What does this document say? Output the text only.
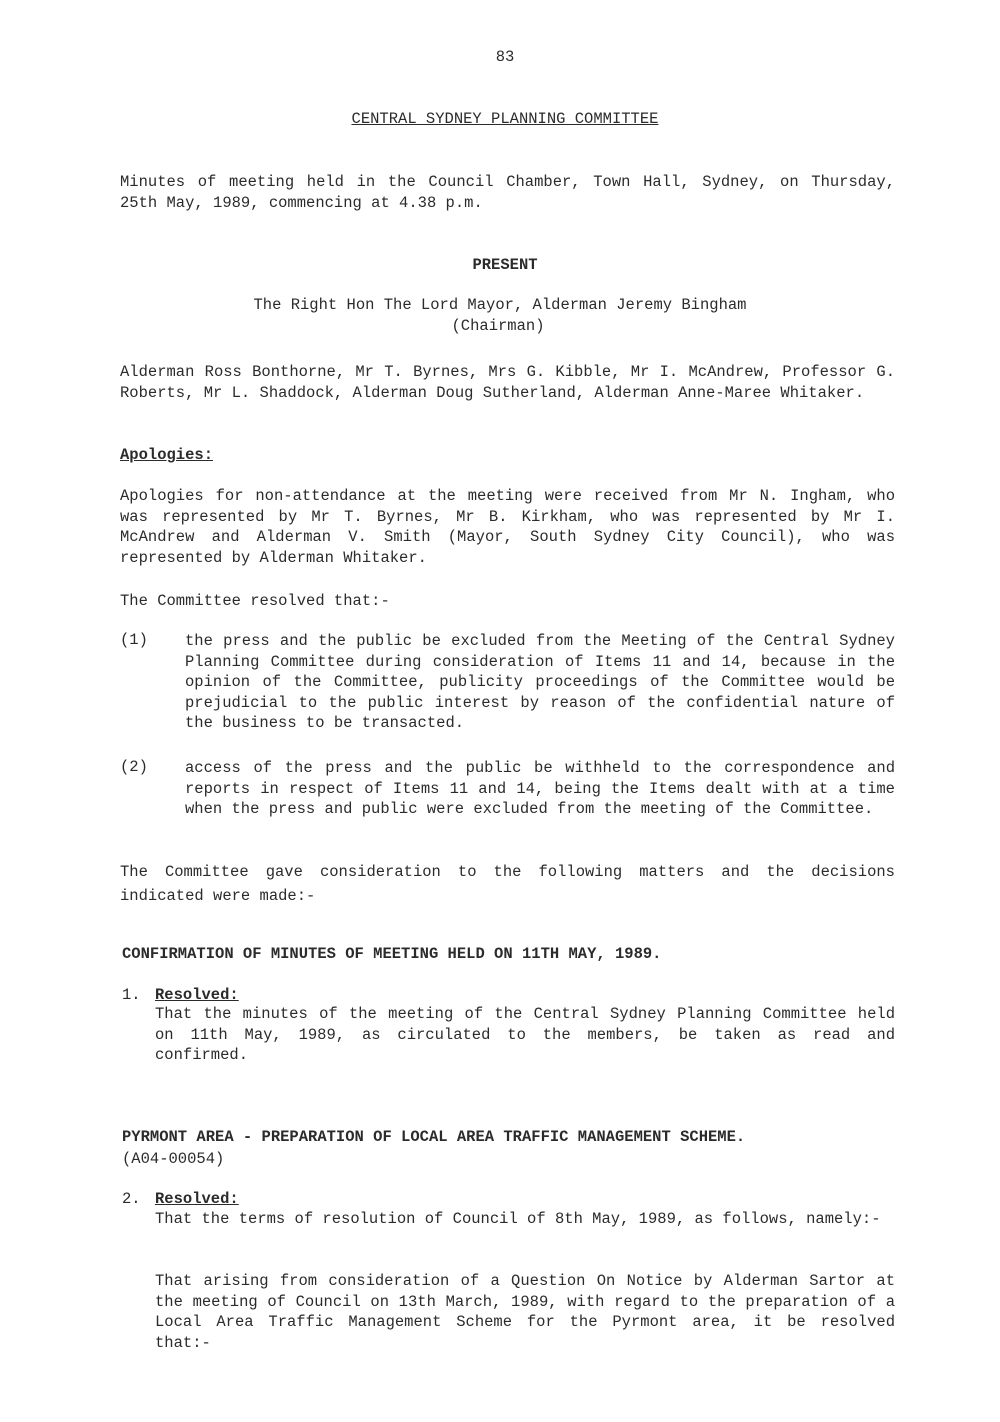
83
CENTRAL SYDNEY PLANNING COMMITTEE

Minutes of meeting held in the Council Chamber, Town Hall, Sydney, on Thursday, 25th May, 1989, commencing at 4.38 p.m.

PRESENT
The Right Hon The Lord Mayor, Alderman Jeremy Bingham
(Chairman)

Alderman Ross Bonthorne, Mr T. Byrnes, Mrs G. Kibble, Mr I. McAndrew, Professor G. Roberts, Mr L. Shaddock, Alderman Doug Sutherland, Alderman Anne-Maree Whitaker.

Apologies:

Apologies for non-attendance at the meeting were received from Mr N. Ingham, who was represented by Mr T. Byrnes, Mr B. Kirkham, who was represented by Mr I. McAndrew and Alderman V. Smith (Mayor, South Sydney City Council), who was represented by Alderman Whitaker.

The Committee resolved that:-
(1) the press and the public be excluded from the Meeting of the Central Sydney Planning Committee during consideration of Items 11 and 14, because in the opinion of the Committee, publicity proceedings of the Committee would be prejudicial to the public interest by reason of the confidential nature of the business to be transacted.

(2) access of the press and the public be withheld to the correspondence and reports in respect of Items 11 and 14, being the Items dealt with at a time when the press and public were excluded from the meeting of the Committee.

The Committee gave consideration to the following matters and the decisions indicated were made:-

CONFIRMATION OF MINUTES OF MEETING HELD ON 11TH MAY, 1989.
1. Resolved:

That the minutes of the meeting of the Central Sydney Planning Committee held on 11th May, 1989, as circulated to the members, be taken as read and confirmed.

PYRMONT AREA - PREPARATION OF LOCAL AREA TRAFFIC MANAGEMENT SCHEME.
(A04-00054)
2. Resolved:

That the terms of resolution of Council of 8th May, 1989, as follows, namely:-

That arising from consideration of a Question On Notice by Alderman Sartor at the meeting of Council on 13th March, 1989, with regard to the preparation of a Local Area Traffic Management Scheme for the Pyrmont area, it be resolved that:-
